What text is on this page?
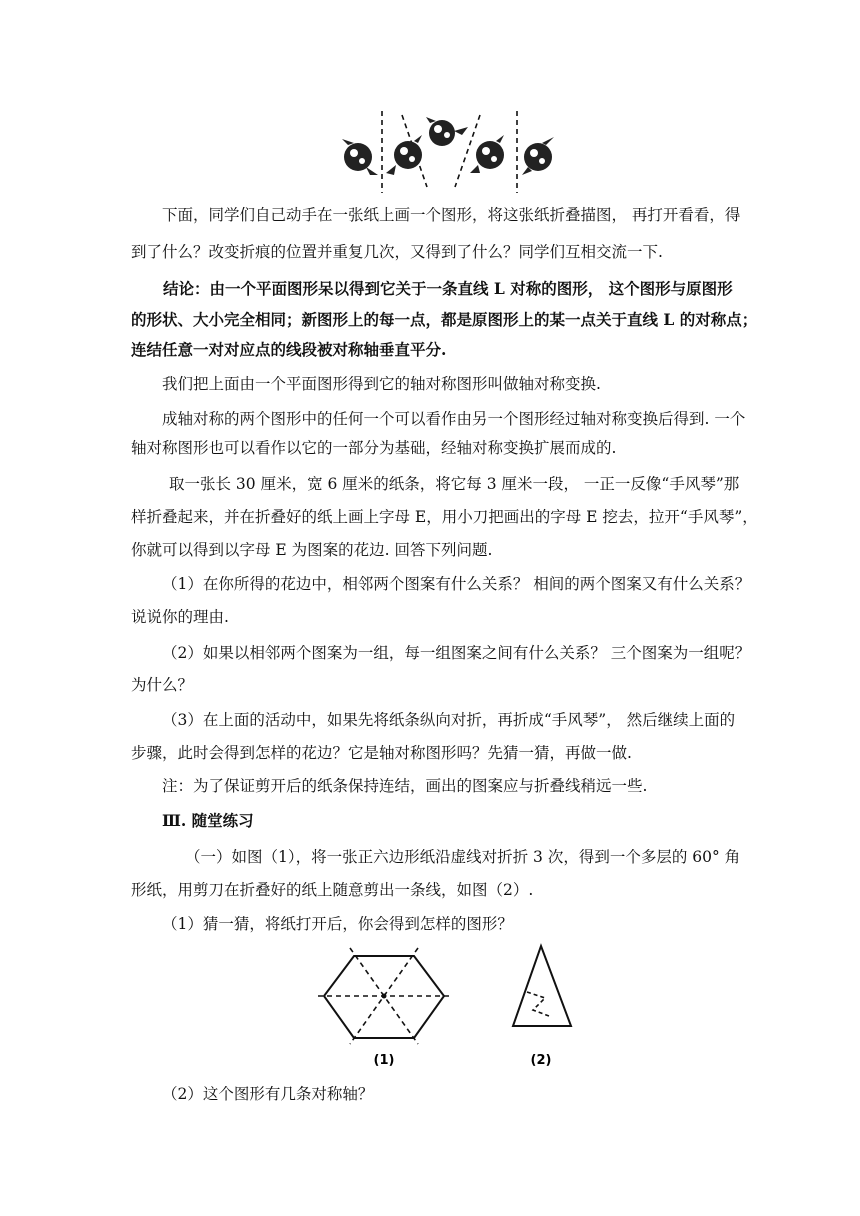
下面，同学们自己动手在一张纸上画一个图形，将这张纸折叠描图， 再打开看看，得
到了什么？改变折痕的位置并重复几次，又得到了什么？同学们互相交流一下.
结论：由一个平面图形呆以得到它关于一条直线 L 对称的图形， 这个图形与原图形
的形状、大小完全相同；新图形上的每一点，都是原图形上的某一点关于直线 L 的对称点；
连结任意一对对应点的线段被对称轴垂直平分.
我们把上面由一个平面图形得到它的轴对称图形叫做轴对称变换.
成轴对称的两个图形中的任何一个可以看作由另一个图形经过轴对称变换后得到. 一个
轴对称图形也可以看作以它的一部分为基础，经轴对称变换扩展而成的.
取一张长 30 厘米，宽 6 厘米的纸条，将它每 3 厘米一段， 一正一反像“手风琴”那
样折叠起来，并在折叠好的纸上画上字母 E，用小刀把画出的字母 E 挖去，拉开“手风琴”，
你就可以得到以字母 E 为图案的花边. 回答下列问题.
（1）在你所得的花边中，相邻两个图案有什么关系？ 相间的两个图案又有什么关系？
说说你的理由.
（2）如果以相邻两个图案为一组，每一组图案之间有什么关系？ 三个图案为一组呢？
为什么？
（3）在上面的活动中，如果先将纸条纵向对折，再折成“手风琴”， 然后继续上面的
步骤，此时会得到怎样的花边？它是轴对称图形吗？先猜一猜，再做一做.
注：为了保证剪开后的纸条保持连结，画出的图案应与折叠线稍远一些.
Ⅲ. 随堂练习
（一）如图（1），将一张正六边形纸沿虚线对折折 3 次，得到一个多层的 60° 角
形纸，用剪刀在折叠好的纸上随意剪出一条线，如图（2）.
（1）猜一猜，将纸打开后，你会得到怎样的图形？
(1)	(2)
（2）这个图形有几条对称轴？
